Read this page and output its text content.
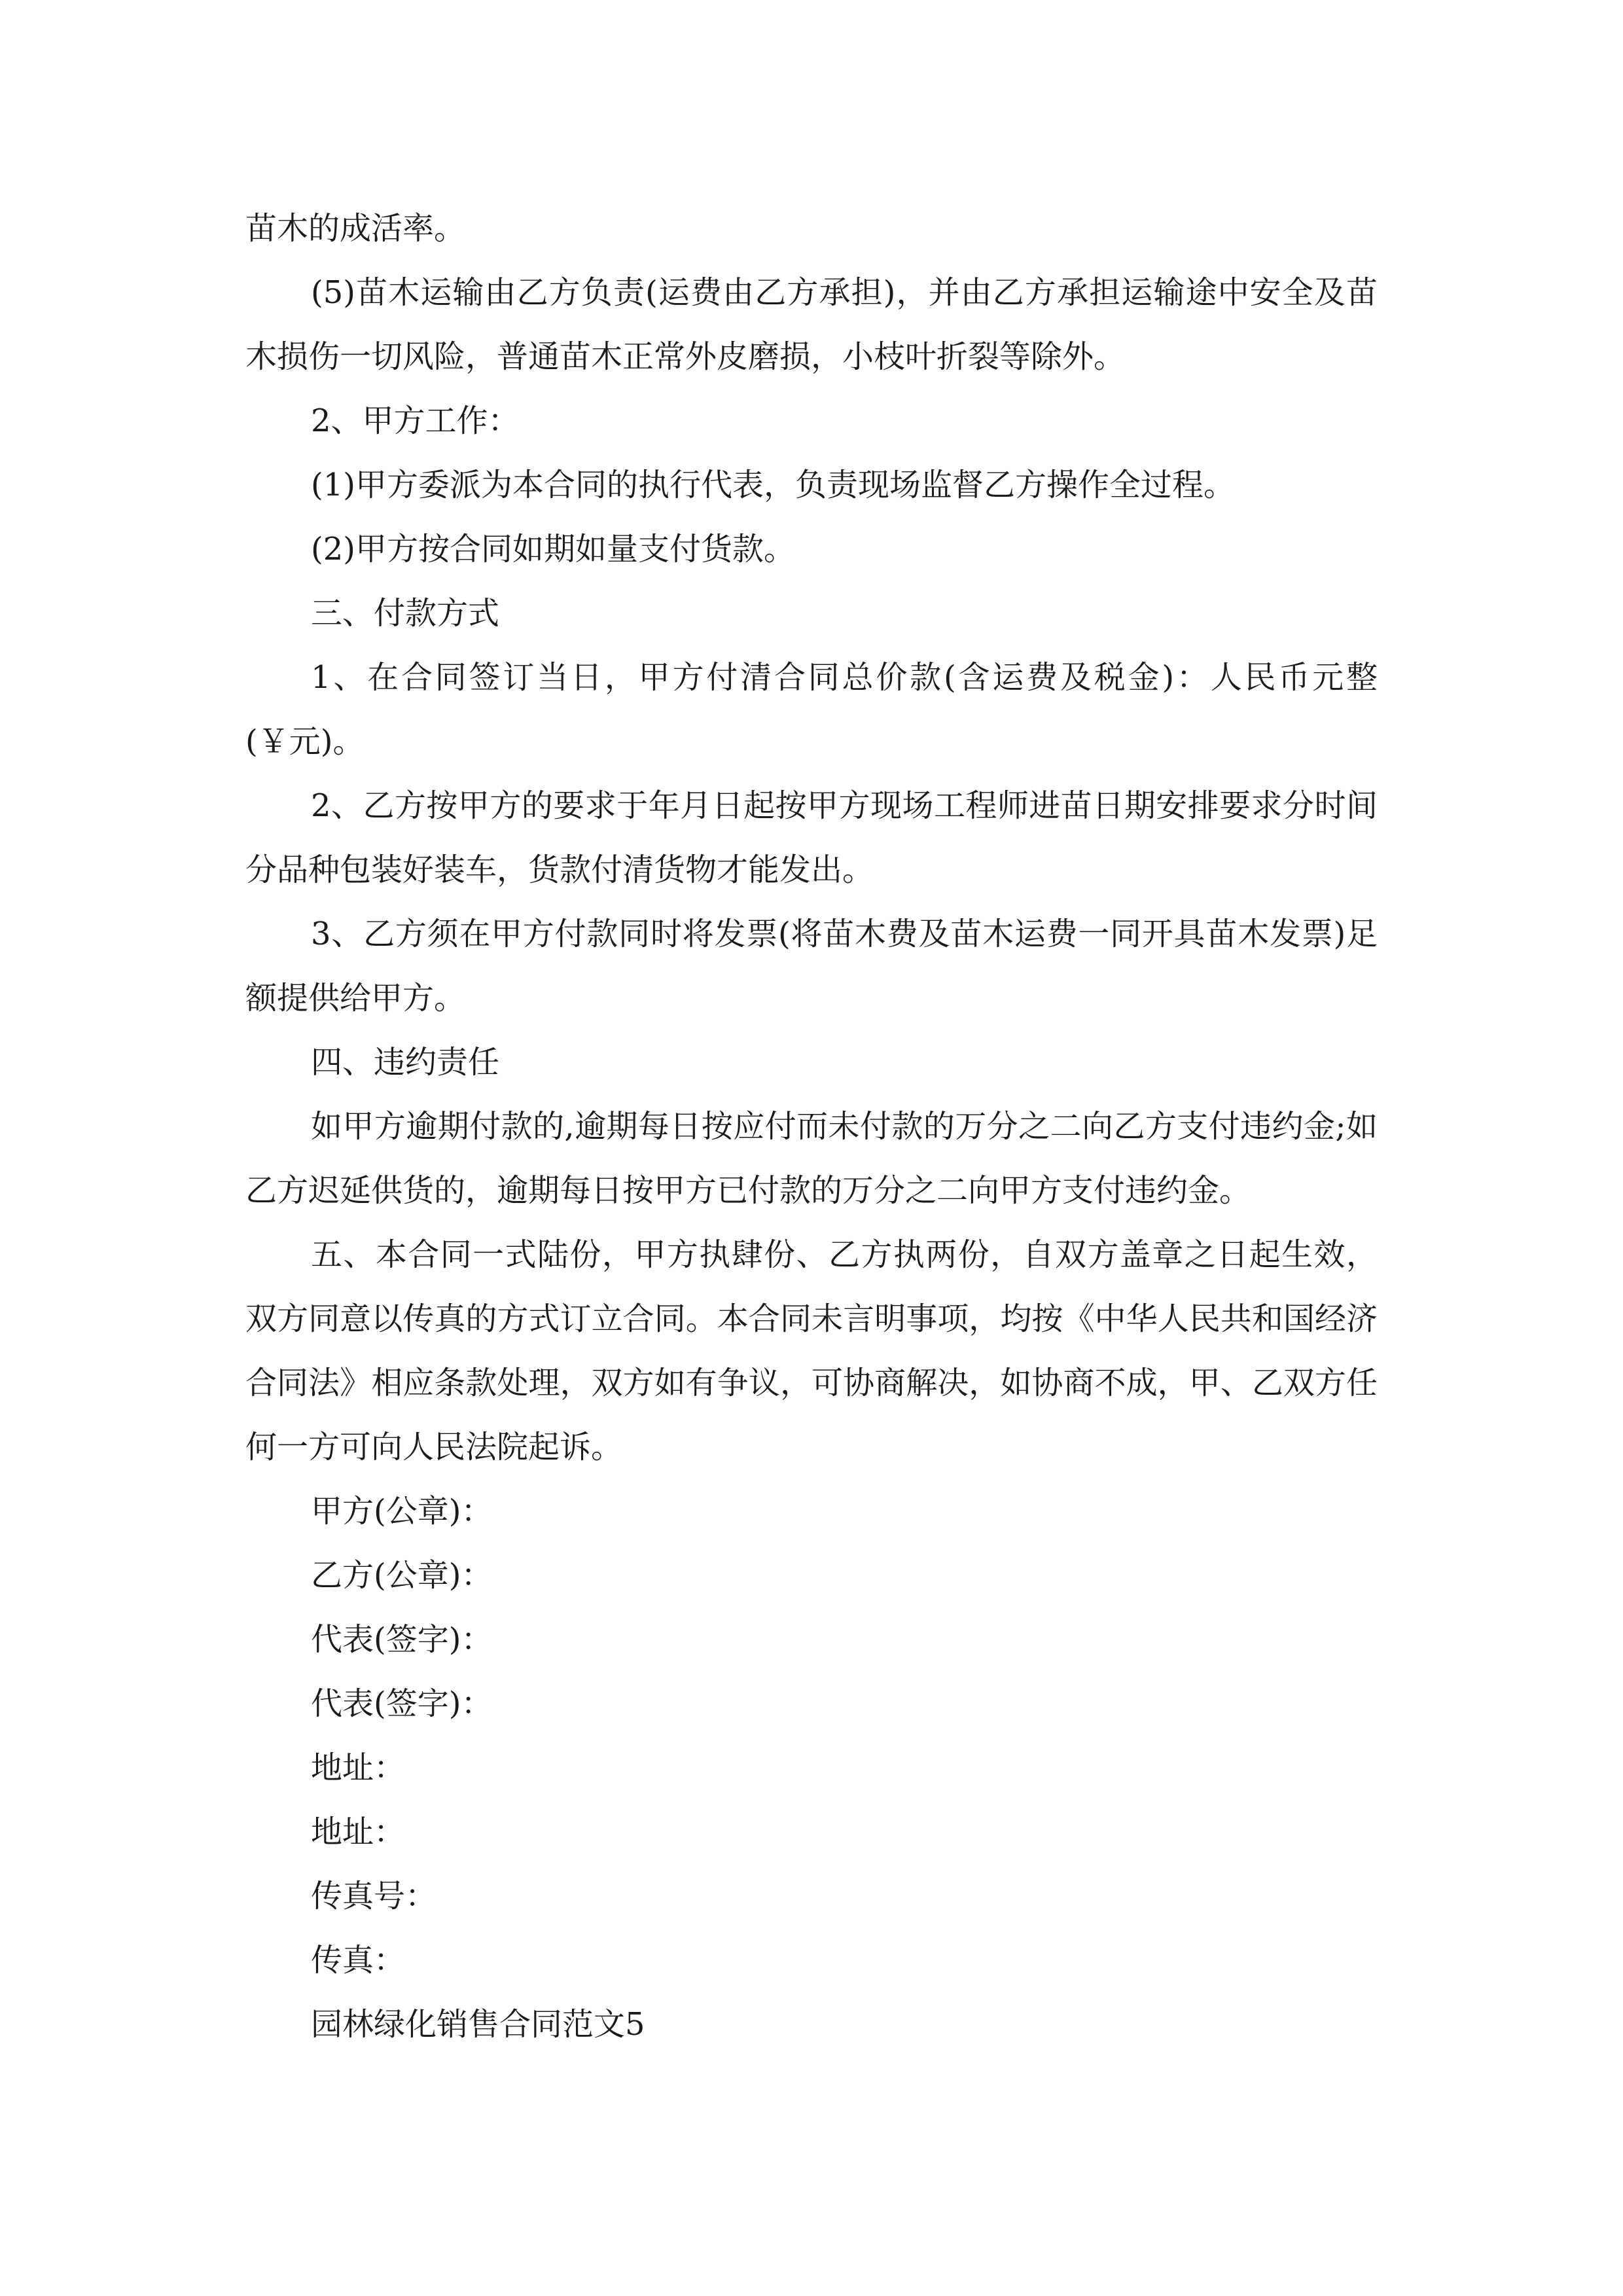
苗木的成活率。

(5)苗木运输由乙方负责(运费由乙方承担)，并由乙方承担运输途中安全及苗木损伤一切风险，普通苗木正常外皮磨损，小枝叶折裂等除外。

2、甲方工作：

(1)甲方委派为本合同的执行代表，负责现场监督乙方操作全过程。

(2)甲方按合同如期如量支付货款。

三、付款方式

1、在合同签订当日，甲方付清合同总价款(含运费及税金)：人民币元整(￥元)。

2、乙方按甲方的要求于年月日起按甲方现场工程师进苗日期安排要求分时间分品种包装好装车，货款付清货物才能发出。

3、乙方须在甲方付款同时将发票(将苗木费及苗木运费一同开具苗木发票)足额提供给甲方。

四、违约责任

如甲方逾期付款的,逾期每日按应付而未付款的万分之二向乙方支付违约金;如乙方迟延供货的，逾期每日按甲方已付款的万分之二向甲方支付违约金。

五、本合同一式陆份，甲方执肆份、乙方执两份，自双方盖章之日起生效，双方同意以传真的方式订立合同。本合同未言明事项，均按《中华人民共和国经济合同法》相应条款处理，双方如有争议，可协商解决，如协商不成，甲、乙双方任何一方可向人民法院起诉。

甲方(公章)：

乙方(公章)：

代表(签字)：

代表(签字)：

地址：

地址：

传真号：

传真：

园林绿化销售合同范文5
